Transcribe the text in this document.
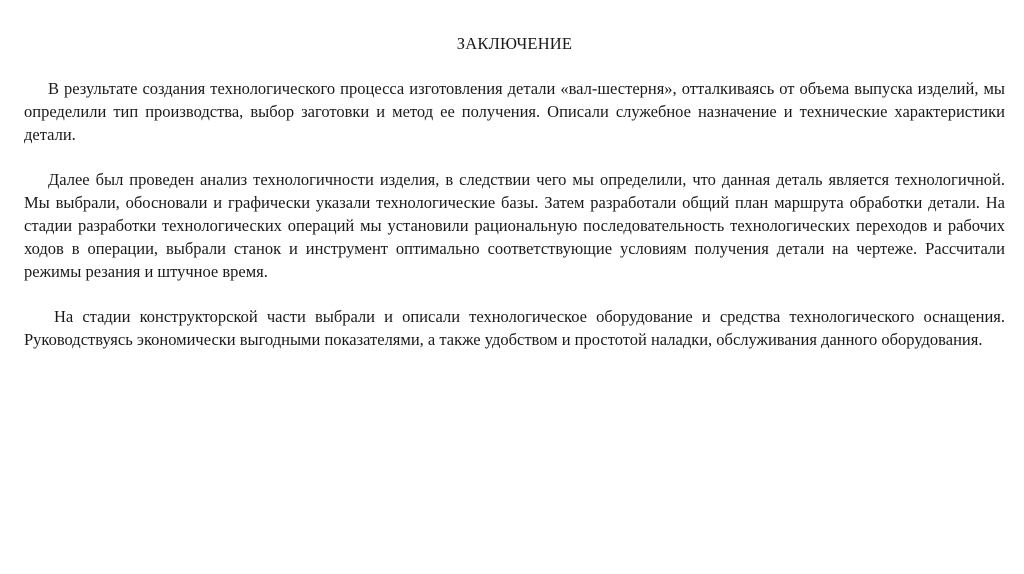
ЗАКЛЮЧЕНИЕ

В результате создания технологического процесса изготовления детали «вал-шестерня», отталкиваясь от объема выпуска изделий, мы определили тип производства, выбор заготовки и метод ее получения. Описали служебное назначение и технические характеристики детали.

Далее был проведен анализ технологичности изделия, в следствии чего мы определили, что данная деталь является технологичной. Мы выбрали, обосновали и графически указали технологические базы. Затем разработали общий план маршрута обработки детали. На стадии разработки технологических операций мы установили рациональную последовательность технологических переходов и рабочих ходов в операции, выбрали станок и инструмент оптимально соответствующие условиям получения детали на чертеже. Рассчитали режимы резания и штучное время.

На стадии конструкторской части выбрали и описали технологическое оборудование и средства технологического оснащения. Руководствуясь экономически выгодными показателями, а также удобством и простотой наладки, обслуживания данного оборудования.
